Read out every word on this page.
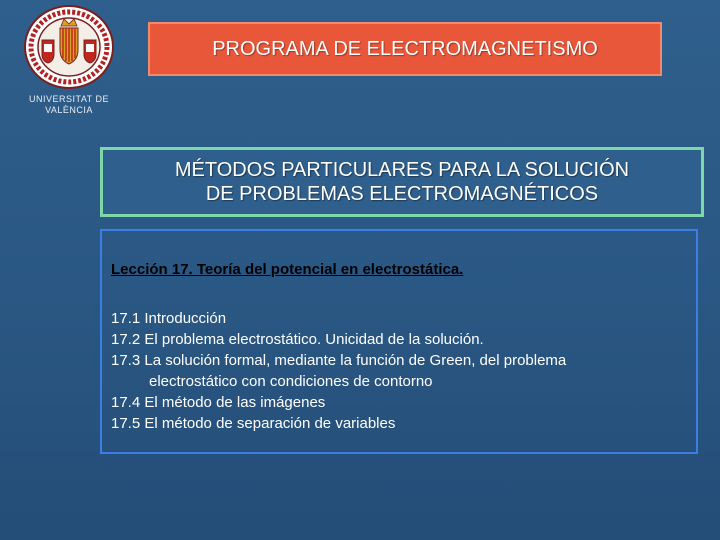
UNIVERSITAT DE
VALÈNCIA
PROGRAMA DE ELECTROMAGNETISMO
MÉTODOS PARTICULARES PARA LA SOLUCIÓN
DE PROBLEMAS ELECTROMAGNÉTICOS
Lección 17. Teoría del potencial en electrostática.
17.1 Introducción
17.2 El problema electrostático. Unicidad de la solución.
17.3 La solución formal, mediante la función de Green, del problema
electrostático con condiciones de contorno
17.4 El método de las imágenes
17.5 El método de separación de variables
